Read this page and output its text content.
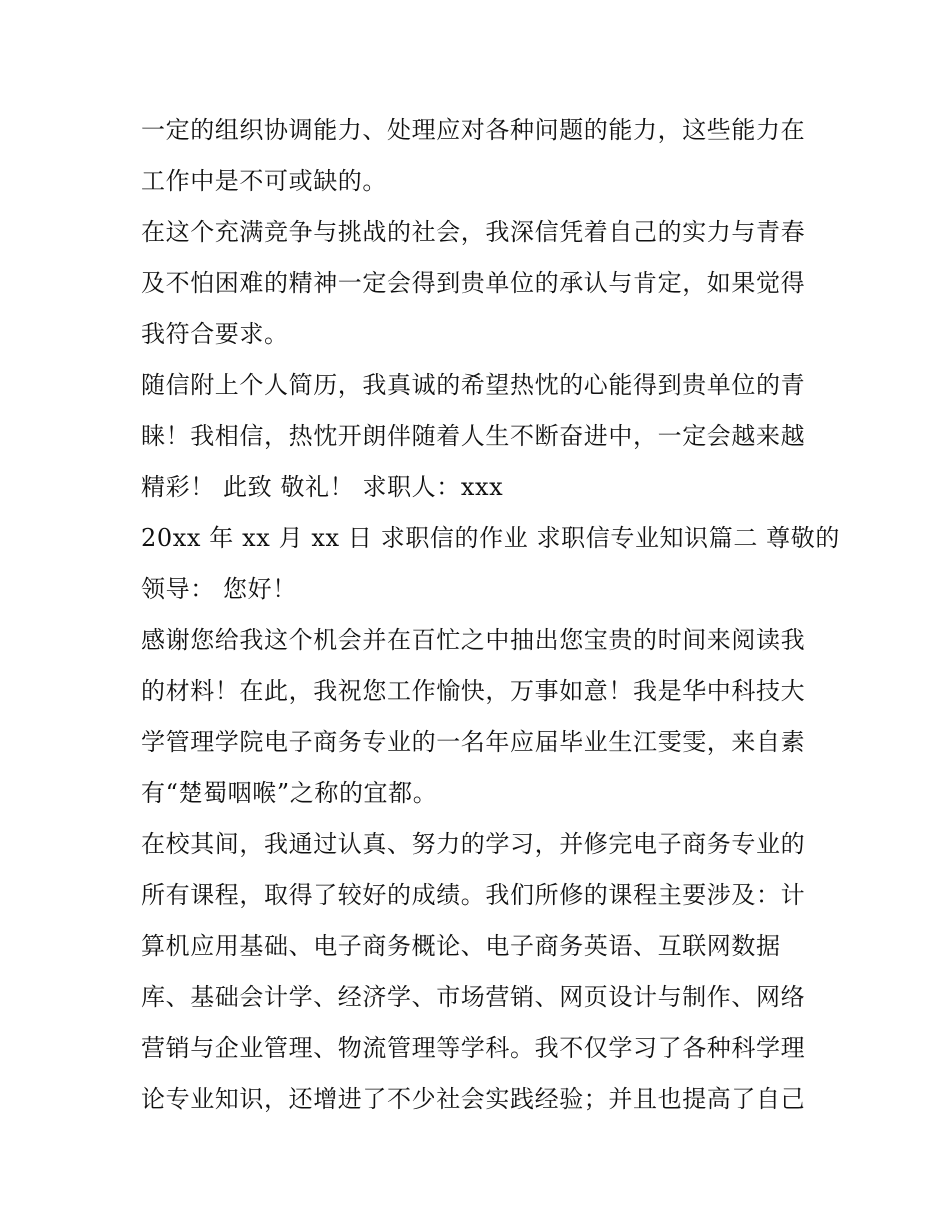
一定的组织协调能力、处理应对各种问题的能力，这些能力在
工作中是不可或缺的。
在这个充满竞争与挑战的社会，我深信凭着自己的实力与青春
及不怕困难的精神一定会得到贵单位的承认与肯定，如果觉得
我符合要求。
随信附上个人简历，我真诚的希望热忱的心能得到贵单位的青
睐！我相信，热忱开朗伴随着人生不断奋进中，一定会越来越
精彩！ 此致 敬礼！ 求职人：xxx
20xx 年 xx 月 xx 日 求职信的作业 求职信专业知识篇二 尊敬的
领导： 您好！
感谢您给我这个机会并在百忙之中抽出您宝贵的时间来阅读我
的材料！在此，我祝您工作愉快，万事如意！我是华中科技大
学管理学院电子商务专业的一名年应届毕业生江雯雯，来自素
有“楚蜀咽喉”之称的宜都。
在校其间，我通过认真、努力的学习，并修完电子商务专业的
所有课程，取得了较好的成绩。我们所修的课程主要涉及：计
算机应用基础、电子商务概论、电子商务英语、互联网数据
库、基础会计学、经济学、市场营销、网页设计与制作、网络
营销与企业管理、物流管理等学科。我不仅学习了各种科学理
论专业知识，还增进了不少社会实践经验；并且也提高了自己
